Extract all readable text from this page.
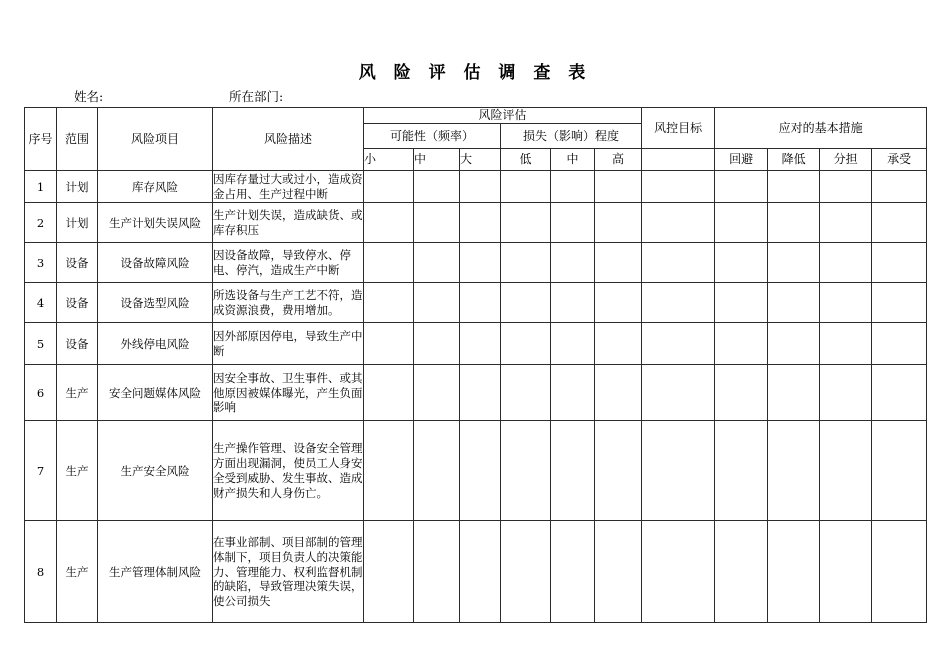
风 险 评 估 调 查 表
姓名:	所在部门:
序号	范围	风险项目	风险描述	风险评估						风控目标	应对的基本措施			
				可能性（频率）			损失（影响）程度							
				小	中	大	低	中	高		回避	降低	分担	承受
1	计划	库存风险	因库存量过大或过小，造成资金占用、生产过程中断											
2	计划	生产计划失误风险	生产计划失误，造成缺货、或库存积压											
3	设备	设备故障风险	因设备故障，导致停水、停电、停汽，造成生产中断											
4	设备	设备选型风险	所选设备与生产工艺不符，造成资源浪费，费用增加。											
5	设备	外线停电风险	因外部原因停电，导致生产中断											
6	生产	安全问题媒体风险	因安全事故、卫生事件、或其他原因被媒体曝光，产生负面影响											
7	生产	生产安全风险	生产操作管理、设备安全管理方面出现漏洞，使员工人身安全受到威胁、发生事故、造成财产损失和人身伤亡。											
8	生产	生产管理体制风险	在事业部制、项目部制的管理体制下，项目负责人的决策能力、管理能力、权利监督机制的缺陷，导致管理决策失误，使公司损失											
